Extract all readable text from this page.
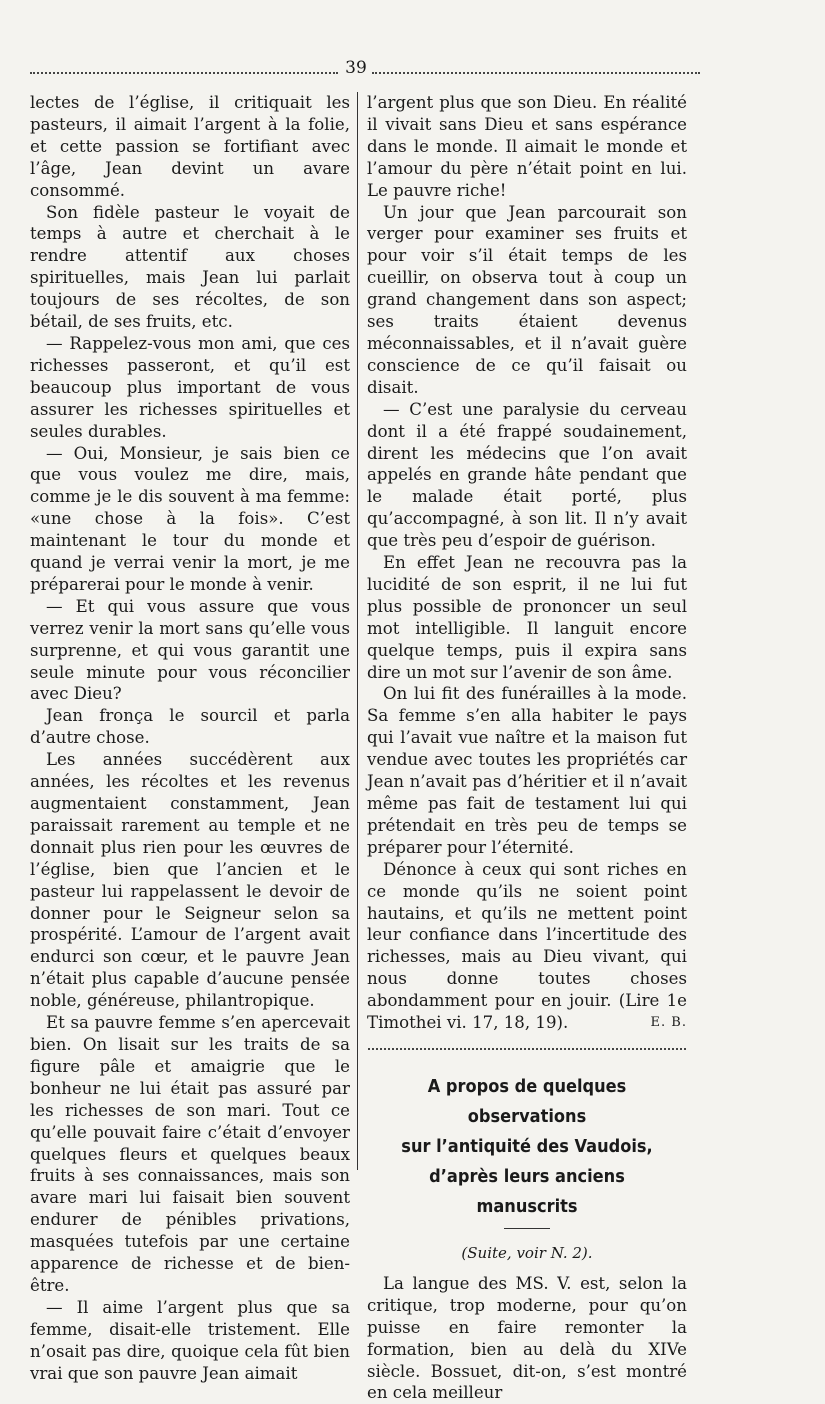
39

lectes de l’église, il critiquait les pasteurs, il aimait l’argent à la folie, et cette passion se fortifiant avec l’âge, Jean devint un avare consommé.

Son fidèle pasteur le voyait de temps à autre et cherchait à le rendre attentif aux choses spirituelles, mais Jean lui parlait toujours de ses récoltes, de son bétail, de ses fruits, etc.

— Rappelez-vous mon ami, que ces richesses passeront, et qu’il est beaucoup plus important de vous assurer les richesses spirituelles et seules durables.

— Oui, Monsieur, je sais bien ce que vous voulez me dire, mais, comme je le dis souvent à ma femme: «une chose à la fois». C’est maintenant le tour du monde et quand je verrai venir la mort, je me préparerai pour le monde à venir.

— Et qui vous assure que vous verrez venir la mort sans qu’elle vous surprenne, et qui vous garantit une seule minute pour vous réconcilier avec Dieu?

Jean fronça le sourcil et parla d’autre chose.

Les années succédèrent aux années, les récoltes et les revenus augmentaient constamment, Jean paraissait rarement au temple et ne donnait plus rien pour les œuvres de l’église, bien que l’ancien et le pasteur lui rappelassent le devoir de donner pour le Seigneur selon sa prospérité. L’amour de l’argent avait endurci son cœur, et le pauvre Jean n’était plus capable d’aucune pensée noble, généreuse, philantropique.

Et sa pauvre femme s’en apercevait bien. On lisait sur les traits de sa figure pâle et amaigrie que le bonheur ne lui était pas assuré par les richesses de son mari. Tout ce qu’elle pouvait faire c’était d’envoyer quelques fleurs et quelques beaux fruits à ses connaissances, mais son avare mari lui faisait bien souvent endurer de pénibles privations, masquées tutefois par une certaine apparence de richesse et de bien-être.

— Il aime l’argent plus que sa femme, disait-elle tristement. Elle n’osait pas dire, quoique cela fût bien vrai que son pauvre Jean aimait

l’argent plus que son Dieu. En réalité il vivait sans Dieu et sans espérance dans le monde. Il aimait le monde et l’amour du père n’était point en lui. Le pauvre riche!

Un jour que Jean parcourait son verger pour examiner ses fruits et pour voir s’il était temps de les cueillir, on observa tout à coup un grand changement dans son aspect; ses traits étaient devenus méconnaissables, et il n’avait guère conscience de ce qu’il faisait ou disait.

— C’est une paralysie du cerveau dont il a été frappé soudainement, dirent les médecins que l’on avait appelés en grande hâte pendant que le malade était porté, plus qu’accompagné, à son lit. Il n’y avait que très peu d’espoir de guérison.

En effet Jean ne recouvra pas la lucidité de son esprit, il ne lui fut plus possible de prononcer un seul mot intelligible. Il languit encore quelque temps, puis il expira sans dire un mot sur l’avenir de son âme.

On lui fit des funérailles à la mode. Sa femme s’en alla habiter le pays qui l’avait vue naître et la maison fut vendue avec toutes les propriétés car Jean n’avait pas d’héritier et il n’avait même pas fait de testament lui qui prétendait en très peu de temps se préparer pour l’éternité.

Dénonce à ceux qui sont riches en ce monde qu’ils ne soient point hautains, et qu’ils ne mettent point leur confiance dans l’incertitude des richesses, mais au Dieu vivant, qui nous donne toutes choses abondamment pour en jouir. (Lire 1e Timothei vi. 17, 18, 19).	E. B.

A propos de quelques observations

sur l’antiquité des Vaudois,

d’après leurs anciens manuscrits

(Suite, voir N. 2).

La langue des MS. V. est, selon la critique, trop moderne, pour qu’on puisse en faire remonter la formation, bien au delà du XIVe siècle. Bossuet, dit-on, s’est montré en cela meilleur
